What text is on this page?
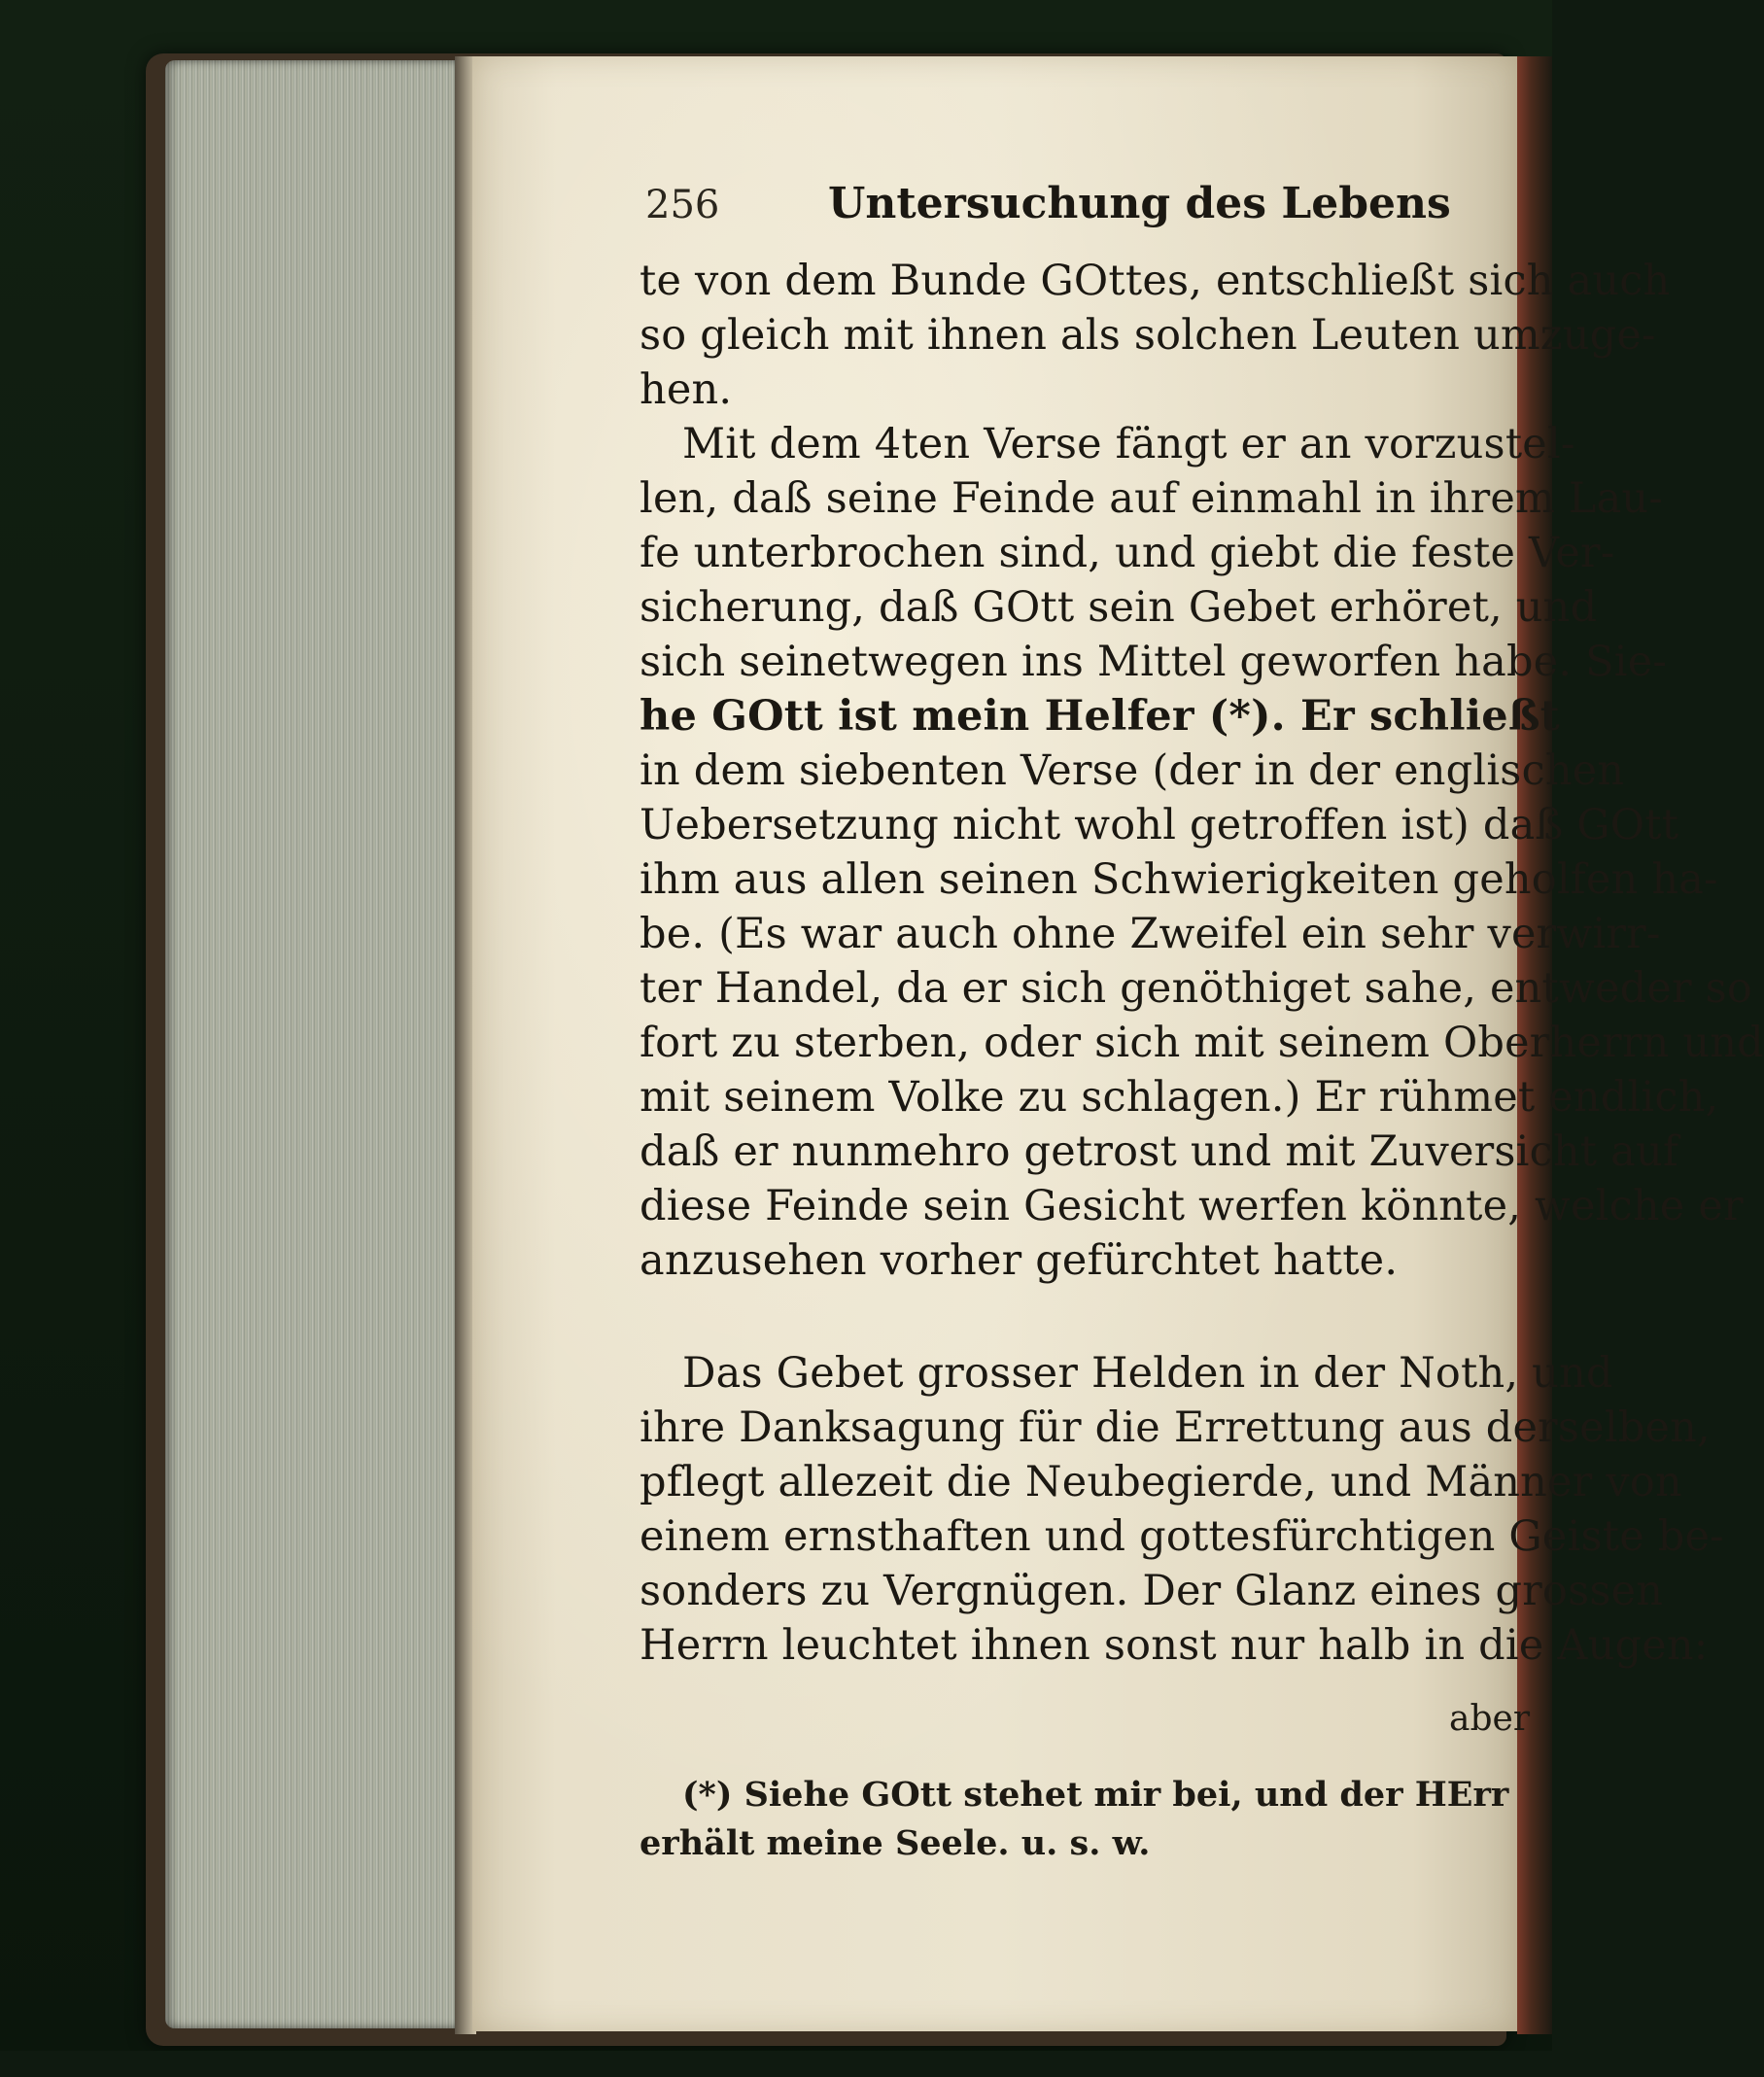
256	Untersuchung des Lebens
te von dem Bunde GOttes, entschließt sich auch
so gleich mit ihnen als solchen Leuten umzuge-
hen.
Mit dem 4ten Verse fängt er an vorzustel-
len, daß seine Feinde auf einmahl in ihrem Lau-
fe unterbrochen sind, und giebt die feste Ver-
sicherung, daß GOtt sein Gebet erhöret, und
sich seinetwegen ins Mittel geworfen habe. Sie-
he GOtt ist mein Helfer (*). Er schließt
in dem siebenten Verse (der in der englischen
Uebersetzung nicht wohl getroffen ist) daß GOtt
ihm aus allen seinen Schwierigkeiten geholfen ha-
be. (Es war auch ohne Zweifel ein sehr verwirr-
ter Handel, da er sich genöthiget sahe, entweder so
fort zu sterben, oder sich mit seinem Oberherrn und
mit seinem Volke zu schlagen.) Er rühmet endlich,
daß er nunmehro getrost und mit Zuversicht auf
diese Feinde sein Gesicht werfen könnte, welche er
anzusehen vorher gefürchtet hatte.
Das Gebet grosser Helden in der Noth, und
ihre Danksagung für die Errettung aus derselben,
pflegt allezeit die Neubegierde, und Männer von
einem ernsthaften und gottesfürchtigen Geiste be-
sonders zu Vergnügen. Der Glanz eines grossen
Herrn leuchtet ihnen sonst nur halb in die Augen:
(*) Siehe GOtt stehet mir bei, und der HErr
erhält meine Seele. u. s. w.
aber
